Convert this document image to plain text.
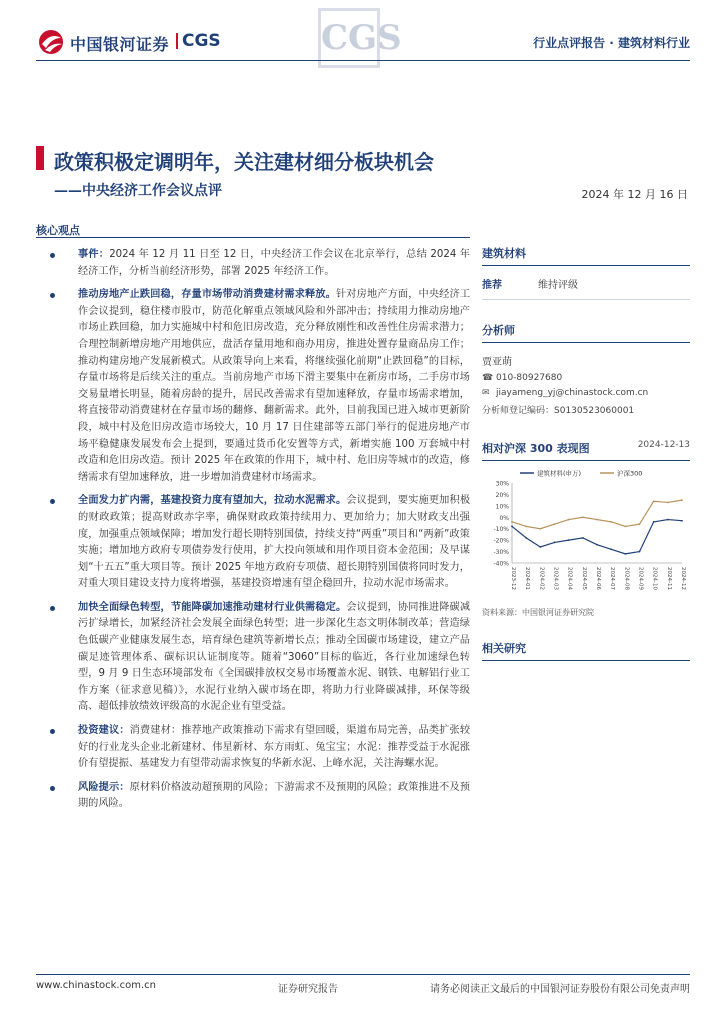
中国银河证券 CGS	行业点评报告 · 建筑材料行业
CGS
政策积极定调明年，关注建材细分板块机会
——中央经济工作会议点评	2024 年 12 月 16 日
核心观点
事件：2024 年 12 月 11 日至 12 日，中央经济工作会议在北京举行，总结 2024 年经济工作，分析当前经济形势，部署 2025 年经济工作。
推动房地产止跌回稳，存量市场带动消费建材需求释放。针对房地产方面，中央经济工作会议提到，稳住楼市股市，防范化解重点领域风险和外部冲击；持续用力推动房地产市场止跌回稳，加力实施城中村和危旧房改造，充分释放刚性和改善性住房需求潜力；合理控制新增房地产用地供应，盘活存量用地和商办用房，推进处置存量商品房工作；推动构建房地产发展新模式。从政策导向上来看，将继续强化前期“止跌回稳”的目标，存量市场将是后续关注的重点。当前房地产市场下滑主要集中在新房市场，二手房市场交易量增长明显，随着房龄的提升，居民改善需求有望加速释放，存量市场需求增加，将直接带动消费建材在存量市场的翻修、翻新需求。此外，目前我国已进入城市更新阶段，城中村及危旧房改造市场较大，10 月 17 日住建部等五部门举行的促进房地产市场平稳健康发展发布会上提到，要通过货币化安置等方式，新增实施 100 万套城中村改造和危旧房改造。预计 2025 年在政策的作用下，城中村、危旧房等城市的改造，修缮需求有望加速释放，进一步增加消费建材市场需求。
全面发力扩内需，基建投资力度有望加大，拉动水泥需求。会议提到，要实施更加积极的财政政策；提高财政赤字率，确保财政政策持续用力、更加给力；加大财政支出强度，加强重点领域保障；增加发行超长期特别国债，持续支持“两重”项目和“两新”政策实施；增加地方政府专项债券发行使用，扩大投向领域和用作项目资本金范围；及早谋划“十五五”重大项目等。预计 2025 年地方政府专项债、超长期特别国债将同时发力，对重大项目建设支持力度将增强，基建投资增速有望企稳回升，拉动水泥市场需求。
加快全面绿色转型，节能降碳加速推动建材行业供需稳定。会议提到，协同推进降碳减污扩绿增长，加紧经济社会发展全面绿色转型；进一步深化生态文明体制改革；营造绿色低碳产业健康发展生态，培育绿色建筑等新增长点；推动全国碳市场建设，建立产品碳足迹管理体系、碳标识认证制度等。随着“3060”目标的临近，各行业加速绿色转型，9 月 9 日生态环境部发布《全国碳排放权交易市场覆盖水泥、钢铁、电解铝行业工作方案（征求意见稿）》，水泥行业纳入碳市场在即，将助力行业降碳减排，环保等级高、超低排放绩效评级高的水泥企业有望受益。
投资建议：消费建材：推荐地产政策推动下需求有望回暖，渠道布局完善，品类扩张较好的行业龙头企业北新建材、伟星新材、东方雨虹、兔宝宝；水泥：推荐受益于水泥涨价有望提振、基建发力有望带动需求恢复的华新水泥、上峰水泥，关注海螺水泥。
风险提示：原材料价格波动超预期的风险；下游需求不及预期的风险；政策推进不及预期的风险。
建筑材料
推荐	维持评级
分析师
贾亚萌
☎ 010-80927680
✉ jiayameng_yj@chinastock.com.cn
分析师登记编码：S0130523060001
相对沪深 300 表现图	2024-12-13
30%
20%
10%
0%
-10%
-20%
-30%
-40%
2023-12 2024-01 2024-02 2024-03 2024-04 2024-05 2024-06 2024-07 2024-08 2024-09 2024-10 2024-11 2024-12
建筑材料(申万)	沪深300
资料来源：中国银河证券研究院
相关研究
www.chinastock.com.cn	证券研究报告	请务必阅读正文最后的中国银河证券股份有限公司免责声明
